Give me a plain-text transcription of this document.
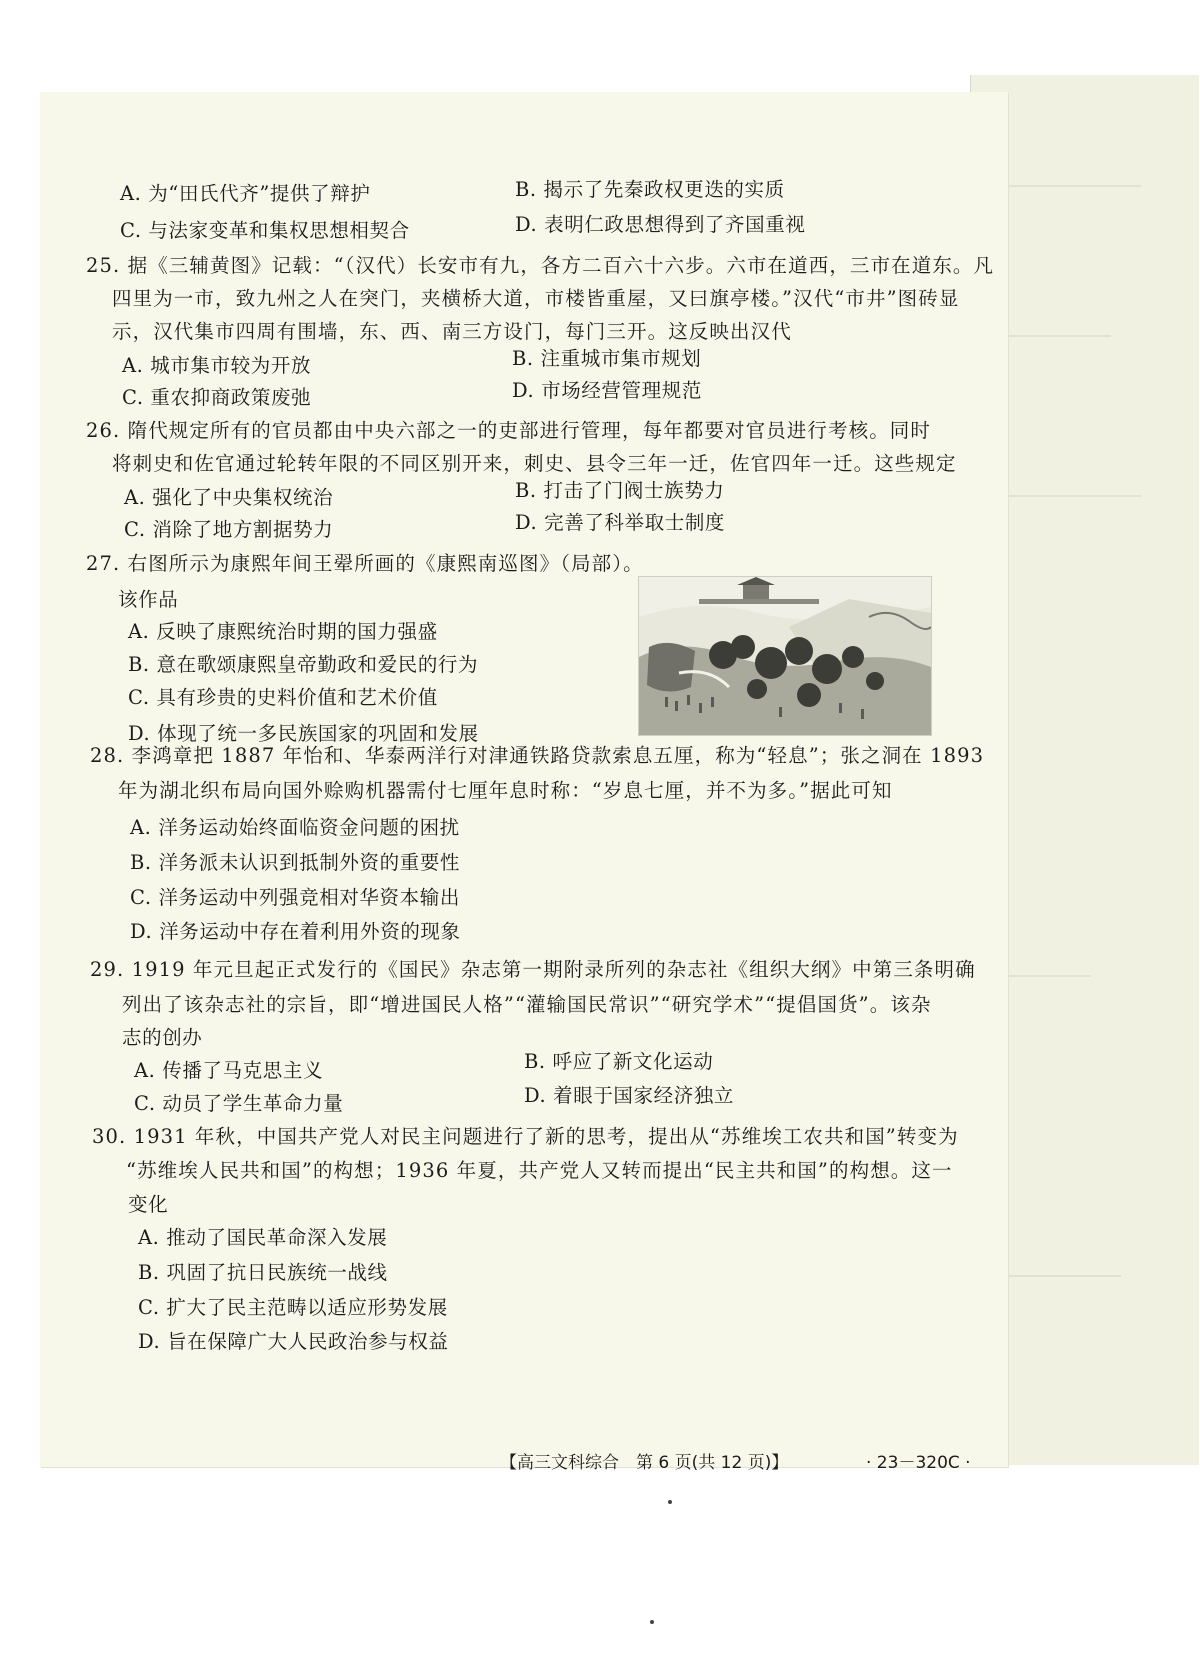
A. 为“田氏代齐”提供了辩护	B. 揭示了先秦政权更迭的实质
C. 与法家变革和集权思想相契合	D. 表明仁政思想得到了齐国重视
25. 据《三辅黄图》记载：“（汉代）长安市有九，各方二百六十六步。六市在道西，三市在道东。凡
四里为一市，致九州之人在突门，夹横桥大道，市楼皆重屋，又曰旗亭楼。”汉代“市井”图砖显
示，汉代集市四周有围墙，东、西、南三方设门，每门三开。这反映出汉代
A. 城市集市较为开放	B. 注重城市集市规划
C. 重农抑商政策废弛	D. 市场经营管理规范
26. 隋代规定所有的官员都由中央六部之一的吏部进行管理，每年都要对官员进行考核。同时
将刺史和佐官通过轮转年限的不同区别开来，刺史、县令三年一迁，佐官四年一迁。这些规定
A. 强化了中央集权统治	B. 打击了门阀士族势力
C. 消除了地方割据势力	D. 完善了科举取士制度
27. 右图所示为康熙年间王翚所画的《康熙南巡图》（局部）。
该作品
A. 反映了康熙统治时期的国力强盛
B. 意在歌颂康熙皇帝勤政和爱民的行为
C. 具有珍贵的史料价值和艺术价值
D. 体现了统一多民族国家的巩固和发展
28. 李鸿章把 1887 年怡和、华泰两洋行对津通铁路贷款索息五厘，称为“轻息”；张之洞在 1893
年为湖北织布局向国外赊购机器需付七厘年息时称：“岁息七厘，并不为多。”据此可知
A. 洋务运动始终面临资金问题的困扰
B. 洋务派未认识到抵制外资的重要性
C. 洋务运动中列强竞相对华资本输出
D. 洋务运动中存在着利用外资的现象
29. 1919 年元旦起正式发行的《国民》杂志第一期附录所列的杂志社《组织大纲》中第三条明确
列出了该杂志社的宗旨，即“增进国民人格”“灌输国民常识”“研究学术”“提倡国货”。该杂
志的创办
A. 传播了马克思主义	B. 呼应了新文化运动
C. 动员了学生革命力量	D. 着眼于国家经济独立
30. 1931 年秋，中国共产党人对民主问题进行了新的思考，提出从“苏维埃工农共和国”转变为
“苏维埃人民共和国”的构想；1936 年夏，共产党人又转而提出“民主共和国”的构想。这一
变化
A. 推动了国民革命深入发展
B. 巩固了抗日民族统一战线
C. 扩大了民主范畴以适应形势发展
D. 旨在保障广大人民政治参与权益
【高三文科综合　第 6 页(共 12 页)】	· 23－320C ·
